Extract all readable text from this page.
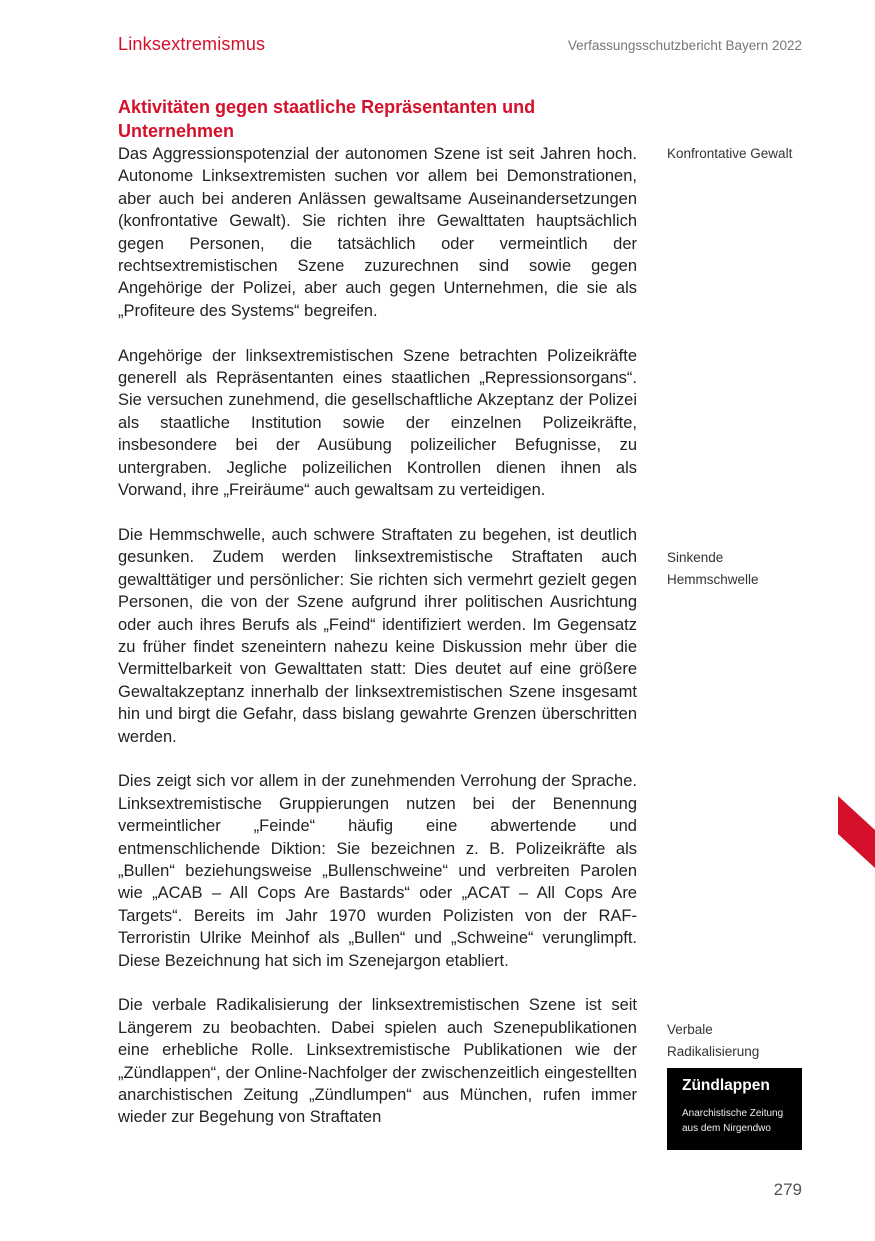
Linksextremismus	Verfassungsschutzbericht Bayern 2022
Aktivitäten gegen staatliche Repräsentanten und Unternehmen

Das Aggressionspotenzial der autonomen Szene ist seit Jahren hoch. Autonome Linksextremisten suchen vor allem bei Demonstrationen, aber auch bei anderen Anlässen gewaltsame Auseinandersetzungen (konfrontative Gewalt). Sie richten ihre Gewalttaten hauptsächlich gegen Personen, die tatsächlich oder vermeintlich der rechtsextremistischen Szene zuzurechnen sind sowie gegen Angehörige der Polizei, aber auch gegen Unternehmen, die sie als „Profiteure des Systems“ begreifen.

Angehörige der linksextremistischen Szene betrachten Polizeikräfte generell als Repräsentanten eines staatlichen „Repressionsorgans“. Sie versuchen zunehmend, die gesellschaftliche Akzeptanz der Polizei als staatliche Institution sowie der einzelnen Polizeikräfte, insbesondere bei der Ausübung polizeilicher Befugnisse, zu untergraben. Jegliche polizeilichen Kontrollen dienen ihnen als Vorwand, ihre „Freiräume“ auch gewaltsam zu verteidigen.

Die Hemmschwelle, auch schwere Straftaten zu begehen, ist deutlich gesunken. Zudem werden linksextremistische Straftaten auch gewalttätiger und persönlicher: Sie richten sich vermehrt gezielt gegen Personen, die von der Szene aufgrund ihrer politischen Ausrichtung oder auch ihres Berufs als „Feind“ identifiziert werden. Im Gegensatz zu früher findet szeneintern nahezu keine Diskussion mehr über die Vermittelbarkeit von Gewalttaten statt: Dies deutet auf eine größere Gewaltakzeptanz innerhalb der linksextremistischen Szene insgesamt hin und birgt die Gefahr, dass bislang gewahrte Grenzen überschritten werden.

Dies zeigt sich vor allem in der zunehmenden Verrohung der Sprache. Linksextremistische Gruppierungen nutzen bei der Benennung vermeintlicher „Feinde“ häufig eine abwertende und entmenschlichende Diktion: Sie bezeichnen z. B. Polizeikräfte als „Bullen“ beziehungsweise „Bullenschweine“ und verbreiten Parolen wie „ACAB – All Cops Are Bastards“ oder „ACAT – All Cops Are Targets“. Bereits im Jahr 1970 wurden Polizisten von der RAF-Terroristin Ulrike Meinhof als „Bullen“ und „Schweine“ verunglimpft. Diese Bezeichnung hat sich im Szenejargon etabliert.

Die verbale Radikalisierung der linksextremistischen Szene ist seit Längerem zu beobachten. Dabei spielen auch Szenepublikationen eine erhebliche Rolle. Linksextremistische Publikationen wie der „Zündlappen“, der Online-Nachfolger der zwischenzeitlich eingestellten anarchistischen Zeitung „Zündlumpen“ aus München, rufen immer wieder zur Begehung von Straftaten

Konfrontative Gewalt
Sinkende
Hemmschwelle
Verbale
Radikalisierung
Zündlappen
Anarchistische Zeitung
aus dem Nirgendwo
279
